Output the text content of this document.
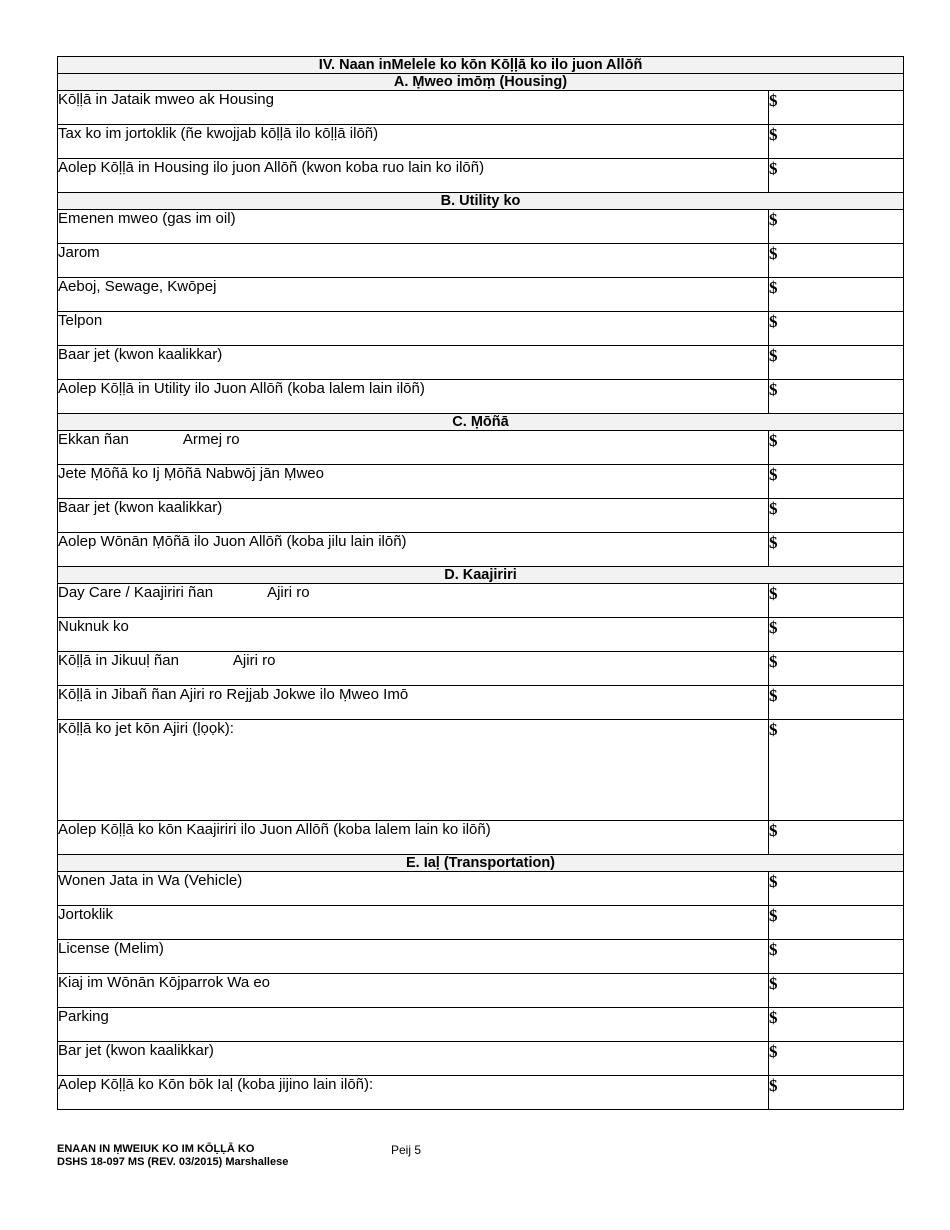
IV. Naan inMelele ko kōn Kōḷḷā ko ilo juon Allōñ	
A. Ṃweo imōṃ (Housing)	
Kōḷḷā in Jataik mweo ak Housing	$
Tax ko im jortoklik (ñe kwojjab kōḷḷā ilo kōḷḷā ilōñ)	$
Aolep Kōḷḷā in Housing ilo juon Allōñ (kwon koba ruo lain ko ilōñ)	$
B. Utility ko	
Emenen mweo (gas im oil)	$
Jarom	$
Aeboj, Sewage, Kwōpej	$
Telpon	$
Baar jet (kwon kaalikkar)	$
Aolep Kōḷḷā in Utility ilo Juon Allōñ (koba lalem lain ilōñ)	$
C. Ṃōñā	
Ekkan ñan Armej ro	$
Jete Ṃōñā ko Ij Ṃōñā Nabwōj jān Ṃweo	$
Baar jet (kwon kaalikkar)	$
Aolep Wōnān Ṃōñā ilo Juon Allōñ (koba jilu lain ilōñ)	$
D. Kaajiriri	
Day Care / Kaajiriri ñan Ajiri ro	$
Nuknuk ko	$
Kōḷḷā in Jikuuḷ ñan Ajiri ro	$
Kōḷḷā in Jibañ ñan Ajiri ro Rejjab Jokwe ilo Ṃweo Imō	$
Kōḷḷā ko jet kōn Ajiri (ḷọọk):	$
Aolep Kōḷḷā ko kōn Kaajiriri ilo Juon Allōñ (koba lalem lain ko ilōñ)	$
E. Iaḷ (Transportation)	
Wonen Jata in Wa (Vehicle)	$
Jortoklik	$
License (Melim)	$
Kiaj im Wōnān Kōjparrok Wa eo	$
Parking	$
Bar jet (kwon kaalikkar)	$
Aolep Kōḷḷā ko Kōn bōk Iaḷ (koba jijino lain ilōñ):	$
ENAAN IN ṂWEIUK KO IM KŌḶḶĀ KO
DSHS 18-097 MS (REV. 03/2015) Marshallese
Peij 5
